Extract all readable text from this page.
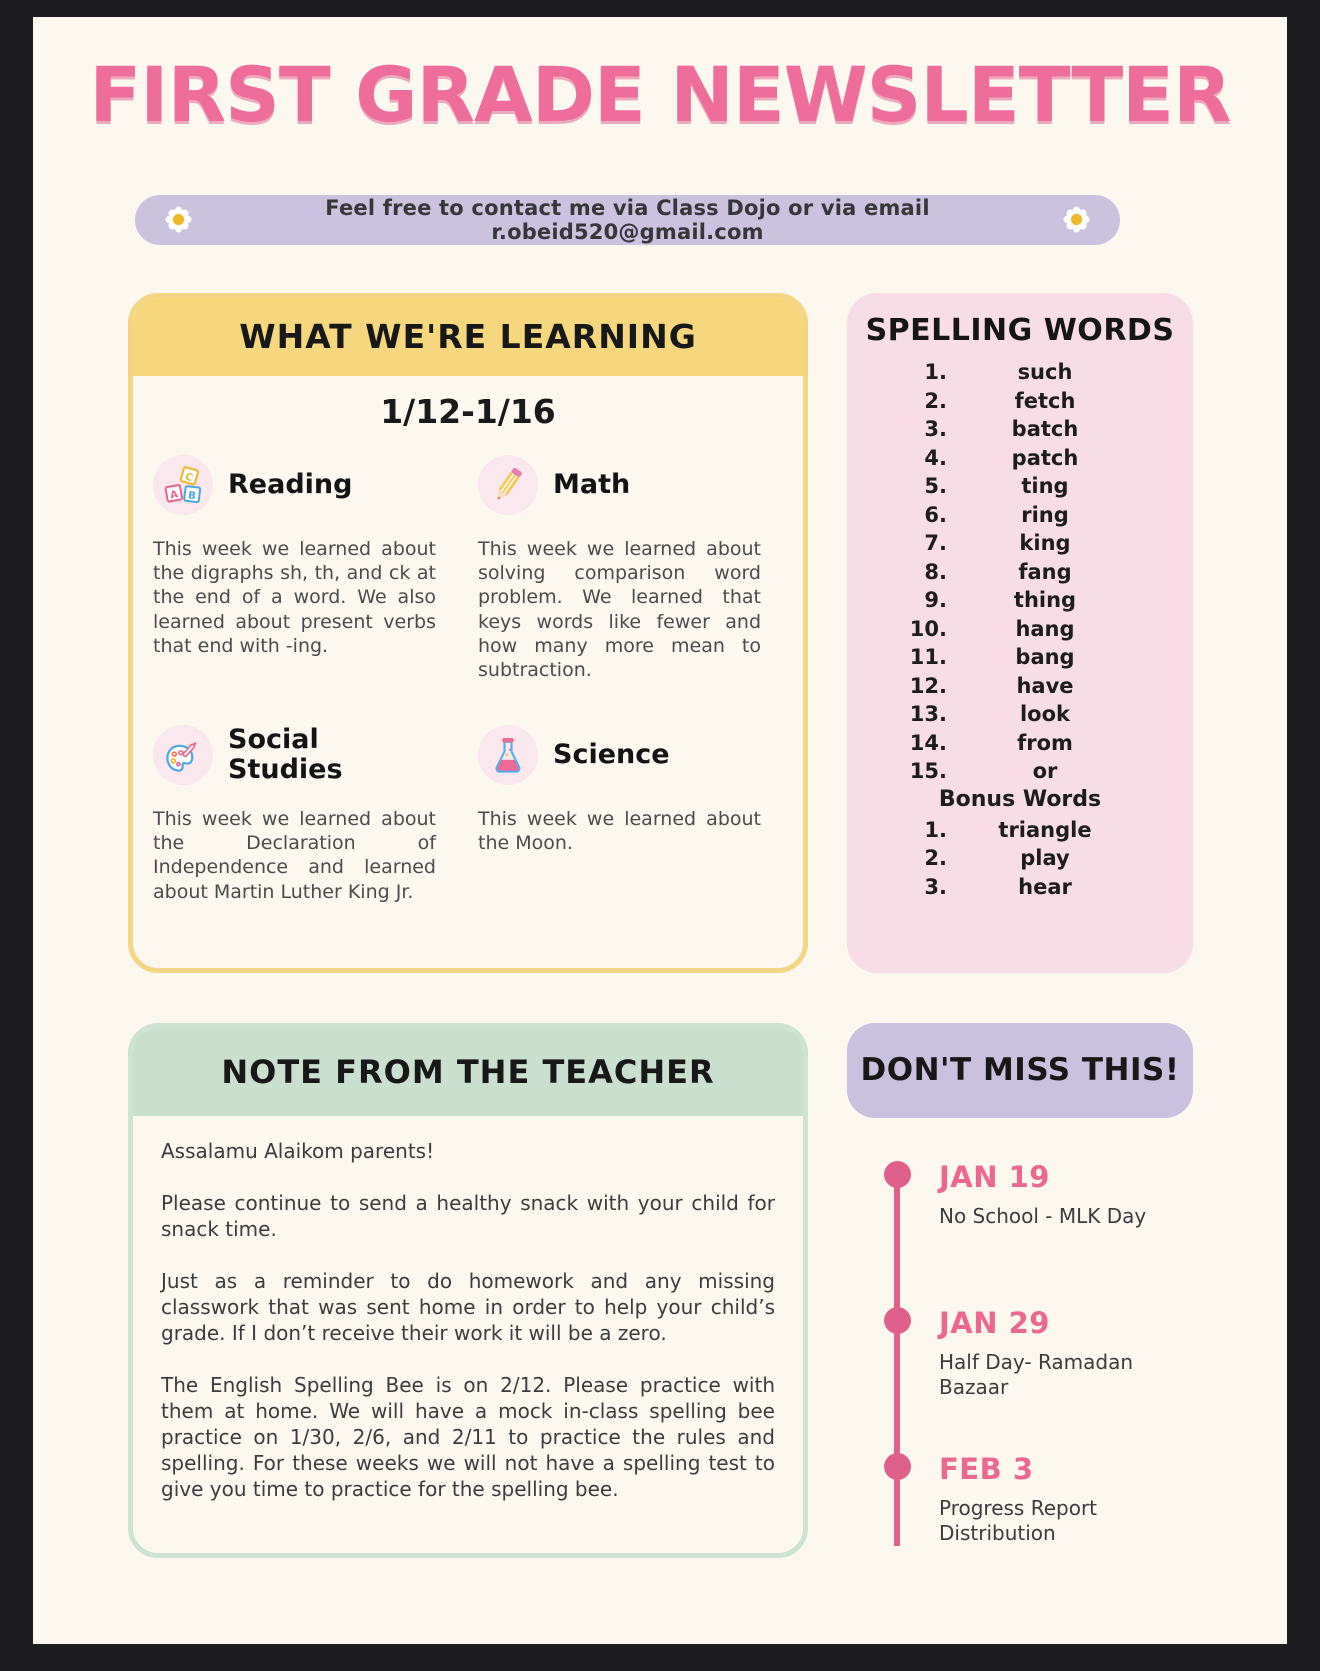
FIRST GRADE NEWSLETTER
Feel free to contact me via Class Dojo or via email r.obeid520@gmail.com
WHAT WE'RE LEARNING
1/12-1/16
C
A B Reading
This week we learned about the digraphs sh, th, and ck at the end of a word. We also learned about present verbs that end with -ing.
Math
This week we learned about solving comparison word problem. We learned that keys words like fewer and how many more mean to subtraction.
Social Studies
This week we learned about the Declaration of Independence and learned about Martin Luther King Jr.
Science
This week we learned about the Moon.
SPELLING WORDS
1.	such
2.	fetch
3.	batch
4.	patch
5.	ting
6.	ring
7.	king
8.	fang
9.	thing
10.	hang
11.	bang
12.	have
13.	look
14.	from
15.	or
Bonus Words
1.	triangle
2.	play
3.	hear
NOTE FROM THE TEACHER

Assalamu Alaikom parents!

Please continue to send a healthy snack with your child for snack time.

Just as a reminder to do homework and any missing classwork that was sent home in order to help your child’s grade. If I don’t receive their work it will be a zero.

The English Spelling Bee is on 2/12. Please practice with them at home. We will have a mock in-class spelling bee practice on 1/30, 2/6, and 2/11 to practice the rules and spelling. For these weeks we will not have a spelling test to give you time to practice for the spelling bee.

DON'T MISS THIS!
JAN 19
No School - MLK Day
JAN 29
Half Day- Ramadan Bazaar
FEB 3
Progress Report Distribution
